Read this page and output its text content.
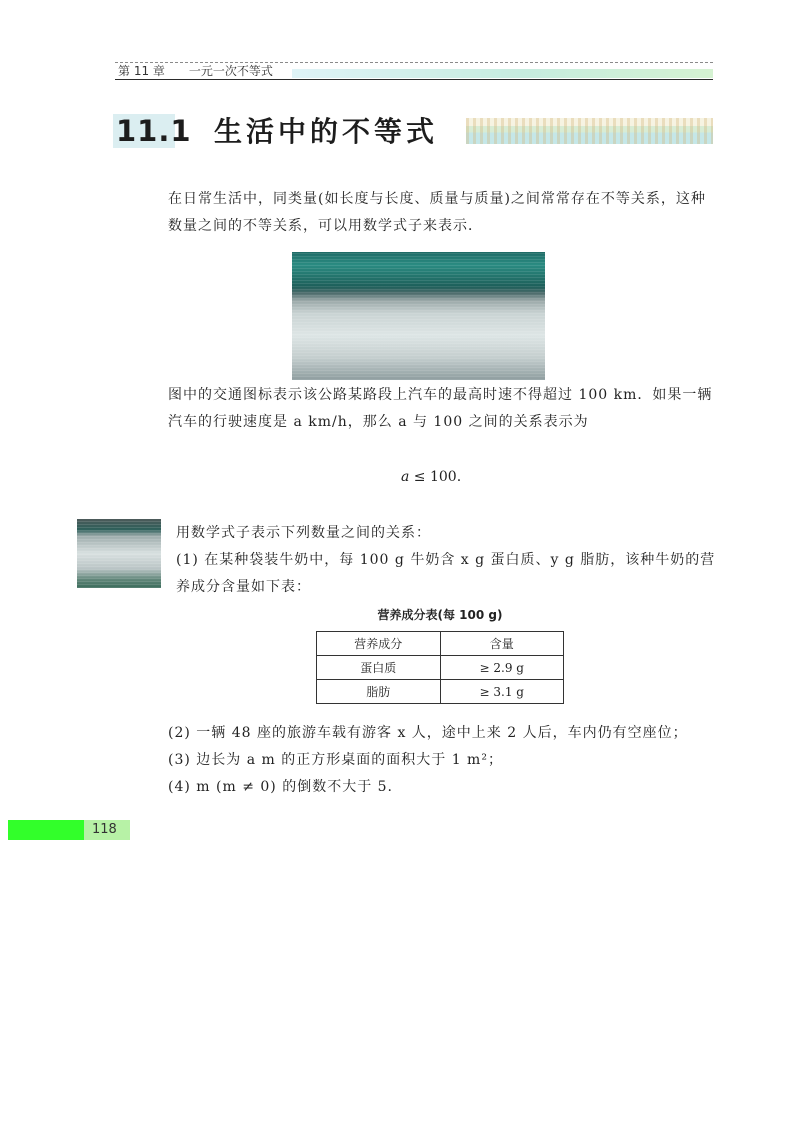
第 11 章　　一元一次不等式
11.1 生活中的不等式
在日常生活中，同类量(如长度与长度、质量与质量)之间常常存在不等关系，这种数量之间的不等关系，可以用数学式子来表示．
图中的交通图标表示该公路某路段上汽车的最高时速不得超过 100 km．如果一辆汽车的行驶速度是 a km/h，那么 a 与 100 之间的关系表示为
a ≤ 100.
用数学式子表示下列数量之间的关系：
(1) 在某种袋装牛奶中，每 100 g 牛奶含 x g 蛋白质、y g 脂肪，该种牛奶的营养成分含量如下表：
营养成分表(每 100 g)
营养成分	含量
蛋白质	≥ 2.9 g
脂肪	≥ 3.1 g
(2) 一辆 48 座的旅游车载有游客 x 人，途中上来 2 人后，车内仍有空座位；
(3) 边长为 a m 的正方形桌面的面积大于 1 m²；
(4) m (m ≠ 0) 的倒数不大于 5.
118
